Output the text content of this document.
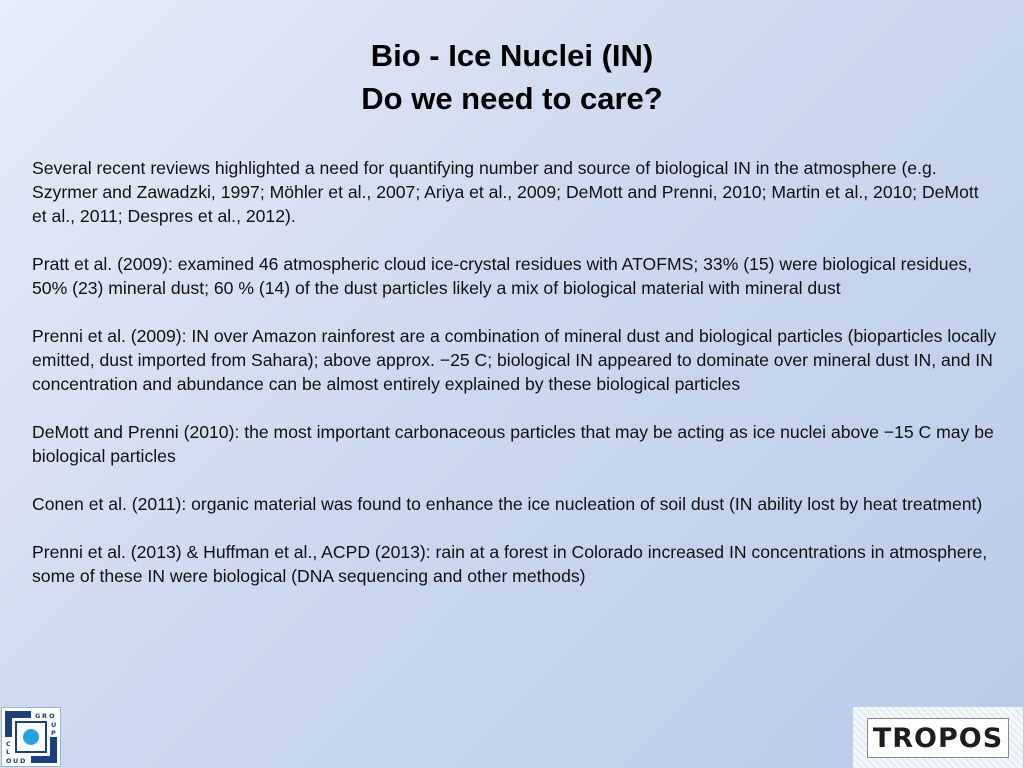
Bio - Ice Nuclei (IN)
Do we need to care?

Several recent reviews highlighted a need for quantifying number and source of biological IN in the atmosphere (e.g. Szyrmer and Zawadzki, 1997; Möhler et al., 2007; Ariya et al., 2009; DeMott and Prenni, 2010; Martin et al., 2010; DeMott et al., 2011; Despres et al., 2012).

Pratt et al. (2009): examined 46 atmospheric cloud ice-crystal residues with ATOFMS; 33% (15) were biological residues, 50% (23) mineral dust; 60 % (14) of the dust particles likely a mix of biological material with mineral dust

Prenni et al. (2009): IN over Amazon rainforest are a combination of mineral dust and biological particles (bioparticles locally emitted, dust imported from Sahara); above approx. −25 C; biological IN appeared to dominate over mineral dust IN, and IN concentration and abundance can be almost entirely explained by these biological particles

DeMott and Prenni (2010): the most important carbonaceous particles that may be acting as ice nuclei above −15 C may be biological particles

Conen et al. (2011): organic material was found to enhance the ice nucleation of soil dust (IN ability lost by heat treatment)

Prenni et al. (2013) & Huffman et al., ACPD (2013): rain at a forest in Colorado increased IN concentrations in atmosphere, some of these IN were biological (DNA sequencing and other methods)

G R O
U
P
C
L
O U D
TROPOS
